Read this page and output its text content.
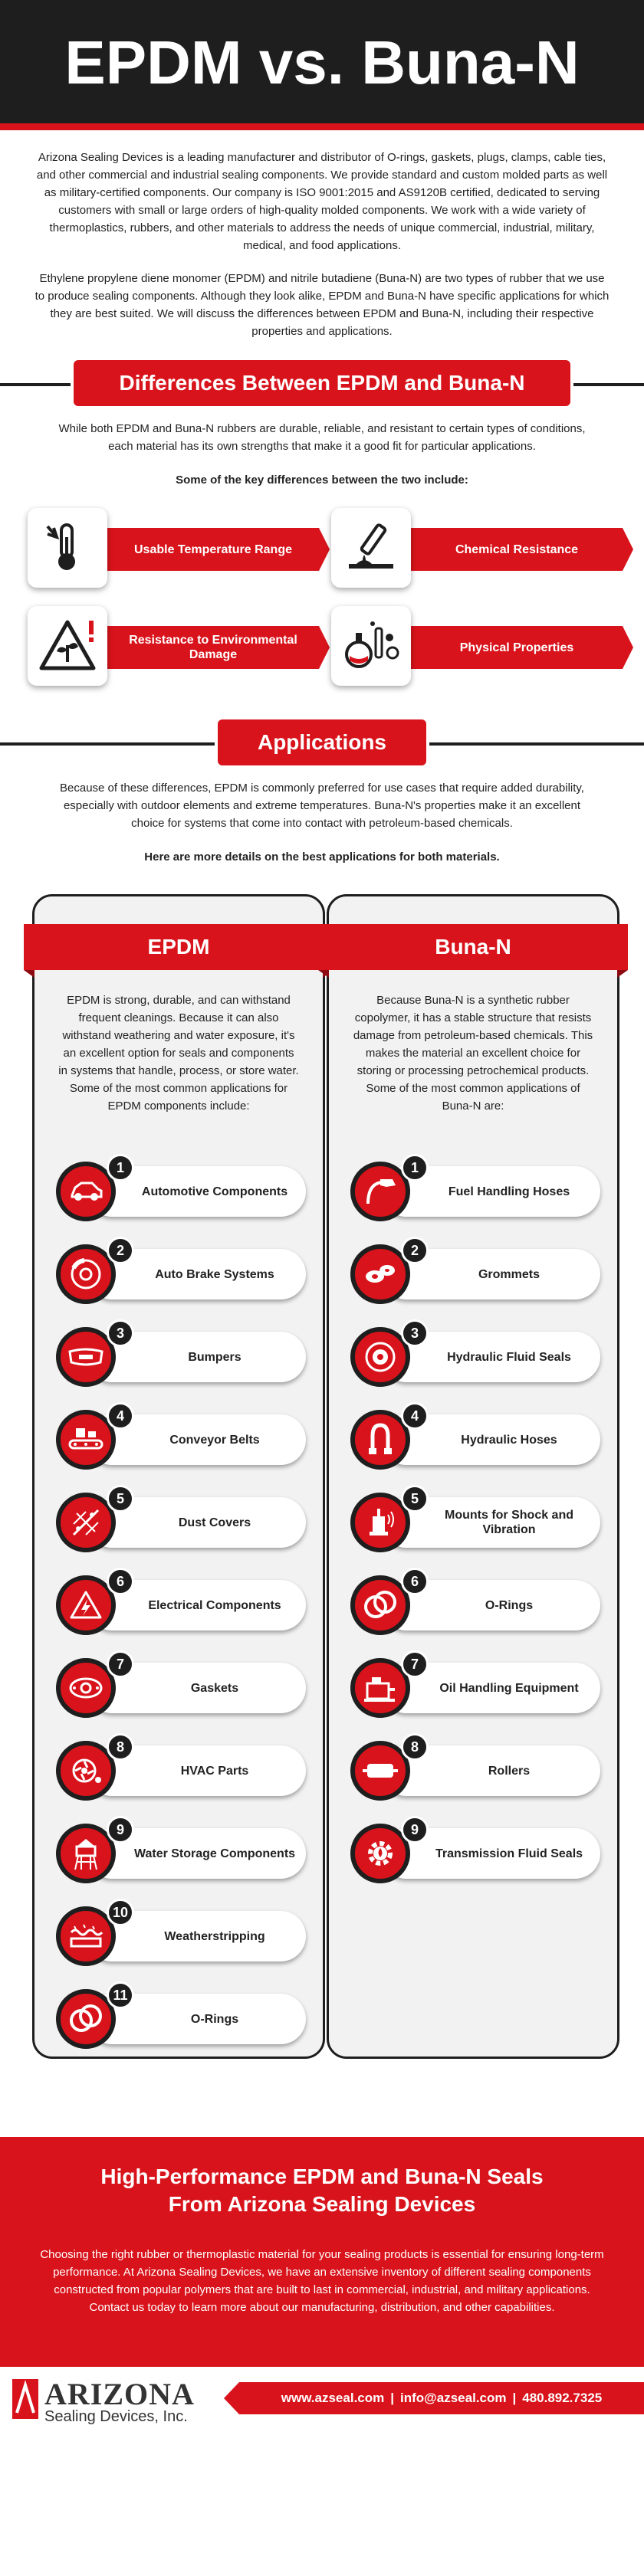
EPDM vs. Buna-N

Arizona Sealing Devices is a leading manufacturer and distributor of O-rings, gaskets, plugs, clamps, cable ties, and other commercial and industrial sealing components. We provide standard and custom molded parts as well as military-certified components. Our company is ISO 9001:2015 and AS9120B certified, dedicated to serving customers with small or large orders of high-quality molded components. We work with a wide variety of thermoplastics, rubbers, and other materials to address the needs of unique commercial, industrial, military, medical, and food applications.

Ethylene propylene diene monomer (EPDM) and nitrile butadiene (Buna-N) are two types of rubber that we use to produce sealing components. Although they look alike, EPDM and Buna-N have specific applications for which they are best suited. We will discuss the differences between EPDM and Buna-N, including their respective properties and applications.

Differences Between EPDM and Buna-N
While both EPDM and Buna-N rubbers are durable, reliable, and resistant to certain types of conditions, each material has its own strengths that make it a good fit for particular applications.
Some of the key differences between the two include:
Usable Temperature Range	Chemical Resistance
Resistance to Environmental Damage
Physical Properties
Applications
Because of these differences, EPDM is commonly preferred for use cases that require added durability, especially with outdoor elements and extreme temperatures. Buna-N's properties make it an excellent choice for systems that come into contact with petroleum-based chemicals.
Here are more details on the best applications for both materials.
EPDM
EPDM is strong, durable, and can withstand frequent cleanings. Because it can also withstand weathering and water exposure, it's an excellent option for seals and components in systems that handle, process, or store water. Some of the most common applications for EPDM components include:
1
Automotive Components
2
Auto Brake Systems
3
Bumpers
4
Conveyor Belts
5
Dust Covers
6
Electrical Components
7
Gaskets
8
HVAC Parts
9
Water Storage Components
10
Weatherstripping
11
O-Rings
Buna-N
Because Buna-N is a synthetic rubber copolymer, it has a stable structure that resists damage from petroleum-based chemicals. This makes the material an excellent choice for storing or processing petrochemical products. Some of the most common applications of Buna-N are:
1
Fuel Handling Hoses
2
Grommets
3
Hydraulic Fluid Seals
4
Hydraulic Hoses
5
Mounts for Shock and Vibration
6
O-Rings
7
Oil Handling Equipment
8
Rollers
9
Transmission Fluid Seals
High-Performance EPDM and Buna-N Seals
From Arizona Sealing Devices

Choosing the right rubber or thermoplastic material for your sealing products is essential for ensuring long-term performance. At Arizona Sealing Devices, we have an extensive inventory of different sealing components constructed from popular polymers that are built to last in commercial, industrial, and military applications. Contact us today to learn more about our manufacturing, distribution, and other capabilities.

ARIZONA
Sealing Devices, Inc.
www.azseal.com | info@azseal.com | 480.892.7325
